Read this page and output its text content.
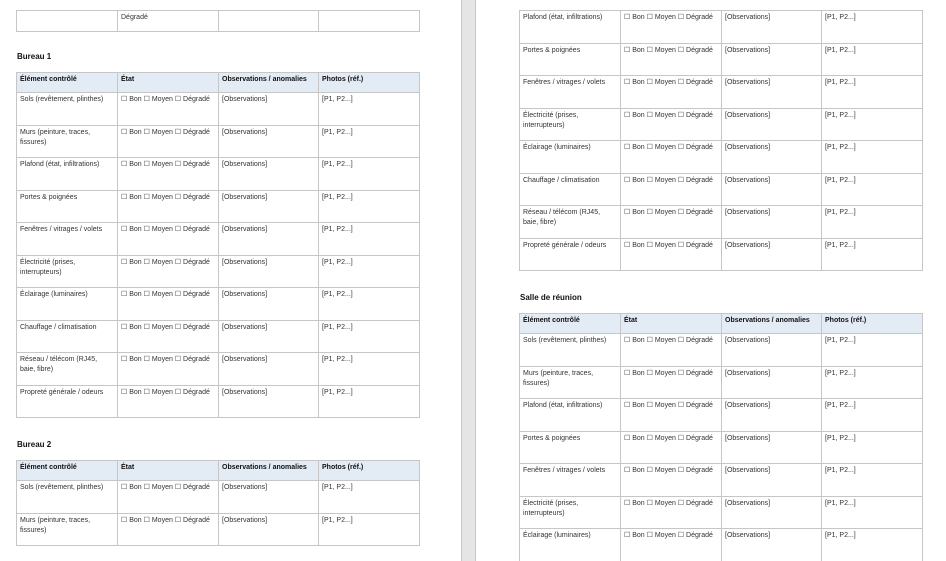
	Dégradé		
Bureau 1
Élément contrôlé	État	Observations / anomalies	Photos (réf.)
Sols (revêtement, plinthes)	☐ Bon ☐ Moyen ☐ Dégradé	[Observations]	[P1, P2...]
Murs (peinture, traces, fissures)	☐ Bon ☐ Moyen ☐ Dégradé	[Observations]	[P1, P2...]
Plafond (état, infiltrations)	☐ Bon ☐ Moyen ☐ Dégradé	[Observations]	[P1, P2...]
Portes & poignées	☐ Bon ☐ Moyen ☐ Dégradé	[Observations]	[P1, P2...]
Fenêtres / vitrages / volets	☐ Bon ☐ Moyen ☐ Dégradé	[Observations]	[P1, P2...]
Électricité (prises, interrupteurs)	☐ Bon ☐ Moyen ☐ Dégradé	[Observations]	[P1, P2...]
Éclairage (luminaires)	☐ Bon ☐ Moyen ☐ Dégradé	[Observations]	[P1, P2...]
Chauffage / climatisation	☐ Bon ☐ Moyen ☐ Dégradé	[Observations]	[P1, P2...]
Réseau / télécom (RJ45, baie, fibre)	☐ Bon ☐ Moyen ☐ Dégradé	[Observations]	[P1, P2...]
Propreté générale / odeurs	☐ Bon ☐ Moyen ☐ Dégradé	[Observations]	[P1, P2...]
Bureau 2
Élément contrôlé	État	Observations / anomalies	Photos (réf.)
Sols (revêtement, plinthes)	☐ Bon ☐ Moyen ☐ Dégradé	[Observations]	[P1, P2...]
Murs (peinture, traces, fissures)	☐ Bon ☐ Moyen ☐ Dégradé	[Observations]	[P1, P2...]
Plafond (état, infiltrations)	☐ Bon ☐ Moyen ☐ Dégradé	[Observations]	[P1, P2...]
Portes & poignées	☐ Bon ☐ Moyen ☐ Dégradé	[Observations]	[P1, P2...]
Fenêtres / vitrages / volets	☐ Bon ☐ Moyen ☐ Dégradé	[Observations]	[P1, P2...]
Électricité (prises, interrupteurs)	☐ Bon ☐ Moyen ☐ Dégradé	[Observations]	[P1, P2...]
Éclairage (luminaires)	☐ Bon ☐ Moyen ☐ Dégradé	[Observations]	[P1, P2...]
Chauffage / climatisation	☐ Bon ☐ Moyen ☐ Dégradé	[Observations]	[P1, P2...]
Réseau / télécom (RJ45, baie, fibre)	☐ Bon ☐ Moyen ☐ Dégradé	[Observations]	[P1, P2...]
Propreté générale / odeurs	☐ Bon ☐ Moyen ☐ Dégradé	[Observations]	[P1, P2...]
Salle de réunion
Élément contrôlé	État	Observations / anomalies	Photos (réf.)
Sols (revêtement, plinthes)	☐ Bon ☐ Moyen ☐ Dégradé	[Observations]	[P1, P2...]
Murs (peinture, traces, fissures)	☐ Bon ☐ Moyen ☐ Dégradé	[Observations]	[P1, P2...]
Plafond (état, infiltrations)	☐ Bon ☐ Moyen ☐ Dégradé	[Observations]	[P1, P2...]
Portes & poignées	☐ Bon ☐ Moyen ☐ Dégradé	[Observations]	[P1, P2...]
Fenêtres / vitrages / volets	☐ Bon ☐ Moyen ☐ Dégradé	[Observations]	[P1, P2...]
Électricité (prises, interrupteurs)	☐ Bon ☐ Moyen ☐ Dégradé	[Observations]	[P1, P2...]
Éclairage (luminaires)	☐ Bon ☐ Moyen ☐ Dégradé	[Observations]	[P1, P2...]
